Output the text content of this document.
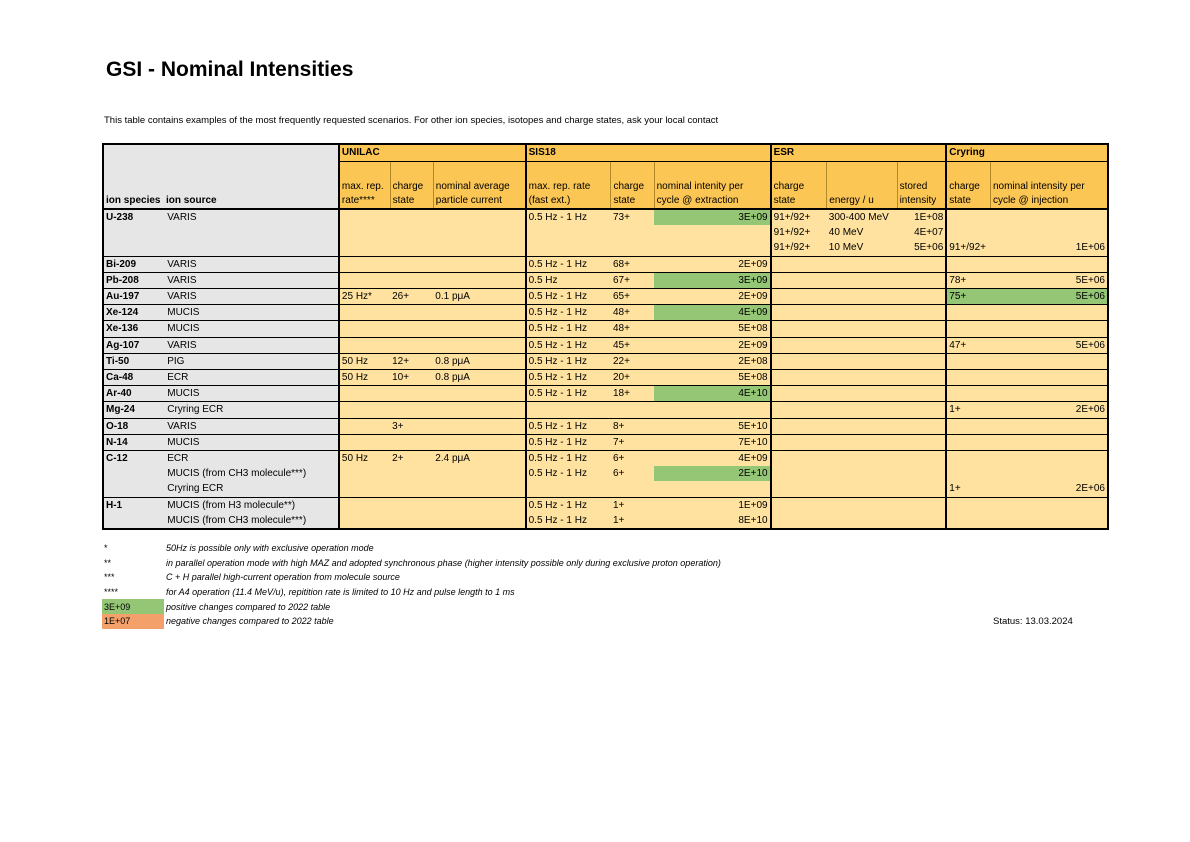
GSI - Nominal Intensities
This table contains examples of the most frequently requested scenarios. For other ion species, isotopes and charge states, ask your local contact
ion species ion source		UNILAC			SIS18			ESR			Cryring	
		max. rep. rate****	charge state	nominal average particle current	max. rep. rate (fast ext.)	charge state	nominal intenity per cycle @ extraction	charge state	energy / u	stored intensity	charge state	nominal intensity per cycle @ injection
U-238	VARIS				0.5 Hz - 1 Hz	73+	3E+09	91+/92+	300-400 MeV	1E+08		
								91+/92+	40 MeV	4E+07		
								91+/92+	10 MeV	5E+06	91+/92+	1E+06
Bi-209	VARIS				0.5 Hz - 1 Hz	68+	2E+09					
Pb-208	VARIS				0.5 Hz	67+	3E+09				78+	5E+06
Au-197	VARIS	25 Hz*	26+	0.1 pμA	0.5 Hz - 1 Hz	65+	2E+09				75+	5E+06
Xe-124	MUCIS				0.5 Hz - 1 Hz	48+	4E+09					
Xe-136	MUCIS				0.5 Hz - 1 Hz	48+	5E+08					
Ag-107	VARIS				0.5 Hz - 1 Hz	45+	2E+09				47+	5E+06
Ti-50	PIG	50 Hz	12+	0.8 pμA	0.5 Hz - 1 Hz	22+	2E+08					
Ca-48	ECR	50 Hz	10+	0.8 pμA	0.5 Hz - 1 Hz	20+	5E+08					
Ar-40	MUCIS				0.5 Hz - 1 Hz	18+	4E+10					
Mg-24	Cryring ECR										1+	2E+06
O-18	VARIS		3+		0.5 Hz - 1 Hz	8+	5E+10					
N-14	MUCIS				0.5 Hz - 1 Hz	7+	7E+10					
C-12	ECR	50 Hz	2+	2.4 pμA	0.5 Hz - 1 Hz	6+	4E+09					
	MUCIS (from CH3 molecule***)				0.5 Hz - 1 Hz	6+	2E+10					
	Cryring ECR										1+	2E+06
H-1	MUCIS (from H3 molecule**)				0.5 Hz - 1 Hz	1+	1E+09					
	MUCIS (from CH3 molecule***)				0.5 Hz - 1 Hz	1+	8E+10					
*	50Hz is possible only with exclusive operation mode
**	in parallel operation mode with high MAZ and adopted synchronous phase (higher intensity possible only during exclusive proton operation)
***	C + H parallel high-current operation from molecule source
****	for A4 operation (11.4 MeV/u), repitition rate is limited to 10 Hz and pulse length to 1 ms
3E+09	positive changes compared to 2022 table
1E+07	negative changes compared to 2022 table	Status: 13.03.2024
